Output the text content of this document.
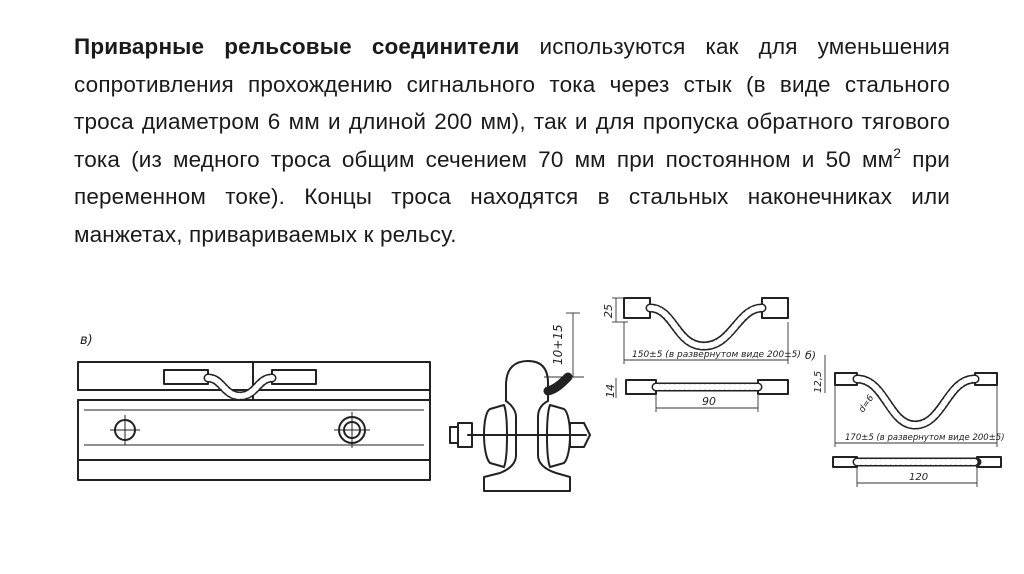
Приварные рельсовые соединители используются как для уменьшения сопротивления прохождению сигнального тока через стык (в виде стального троса диаметром 6 мм и длиной 200 мм), так и для пропуска обратного тягового тока (из медного троса общим сечением 70 мм при постоянном и 50 $мм^2$ при переменном токе). Концы троса находятся в стальных наконечниках или манжетах, привариваемых к рельсу.

в)	10+15
25
150±5 (в развернутом виде 200±5)
14
90
б)
12,5
d=6
170±5 (в развернутом виде 200±5)
120
